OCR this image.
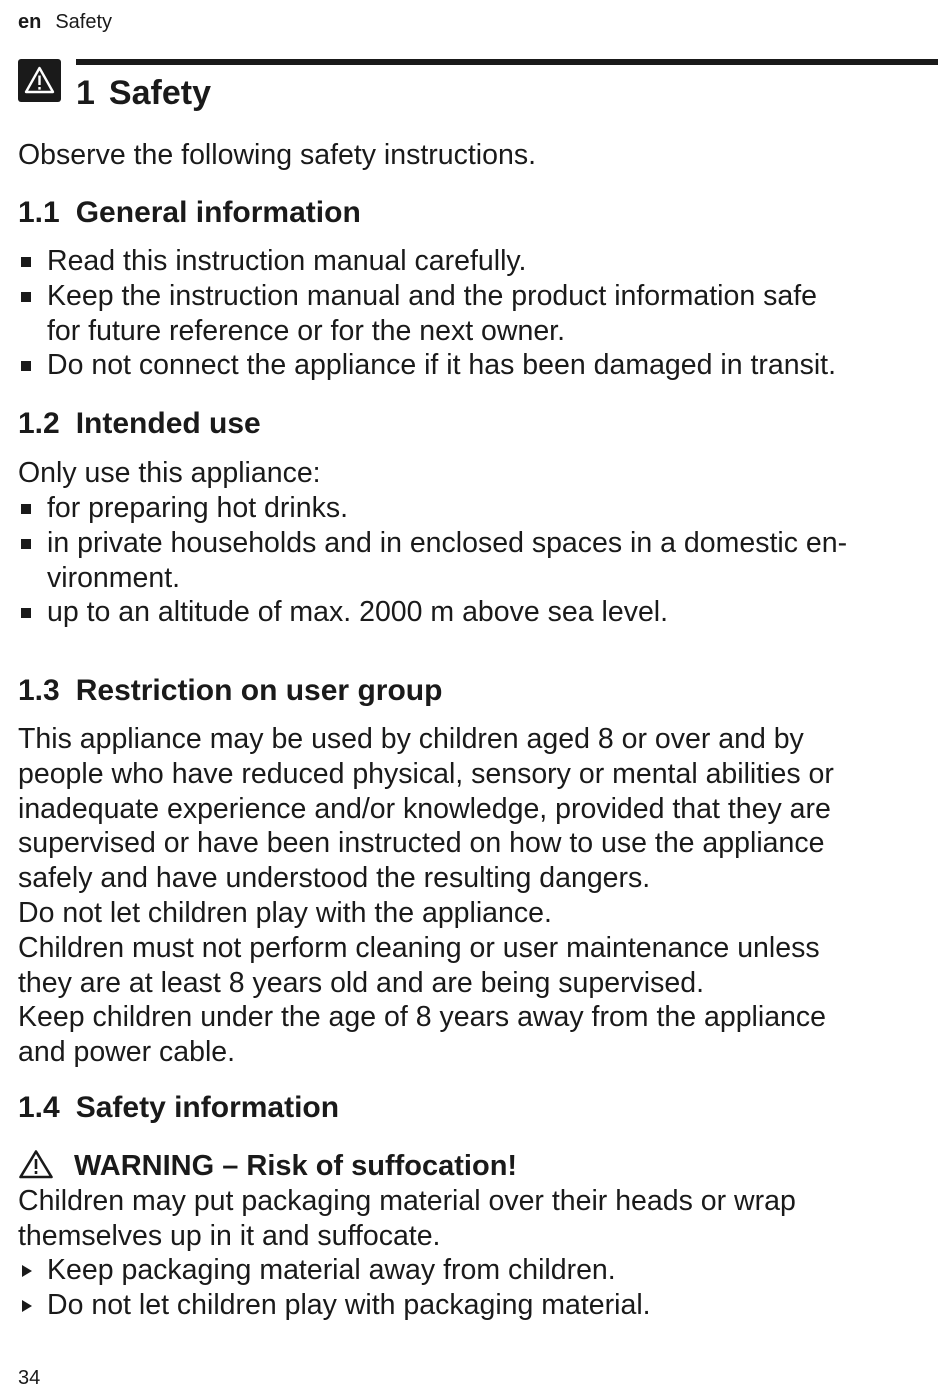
en Safety
1 Safety
Observe the following safety instructions.
1.1 General information
Read this instruction manual carefully.
Keep the instruction manual and the product information safe
for future reference or for the next owner.
Do not connect the appliance if it has been damaged in transit.
1.2 Intended use
Only use this appliance:
for preparing hot drinks.
in private households and in enclosed spaces in a domestic en-
vironment.
up to an altitude of max. 2000 m above sea level.
1.3 Restriction on user group
This appliance may be used by children aged 8 or over and by
people who have reduced physical, sensory or mental abilities or
inadequate experience and/or knowledge, provided that they are
supervised or have been instructed on how to use the appliance
safely and have understood the resulting dangers.
Do not let children play with the appliance.
Children must not perform cleaning or user maintenance unless
they are at least 8 years old and are being supervised.
Keep children under the age of 8 years away from the appliance
and power cable.
1.4 Safety information
WARNING – Risk of suffocation!
Children may put packaging material over their heads or wrap
themselves up in it and suffocate.
Keep packaging material away from children.
Do not let children play with packaging material.
34
